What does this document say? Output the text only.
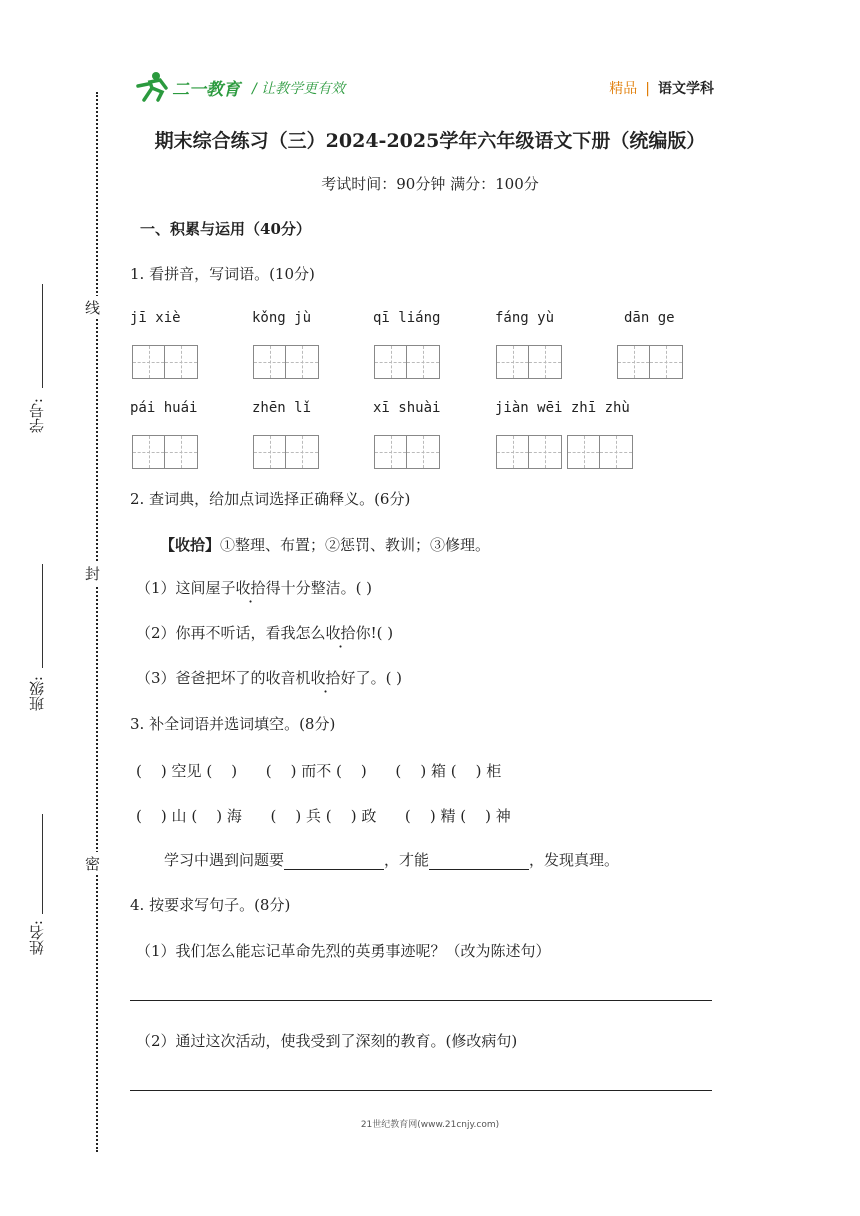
线
封
密
学号:
班级:
姓名:
二一教育 / 让教学更有效	精品 | 语文学科
期末综合练习（三）2024-2025学年六年级语文下册（统编版）
考试时间：90分钟 满分：100分
一、积累与运用（40分）
1. 看拼音，写词语。(10分)
jī xiè	kǒng jù	qī liáng	fáng yù	dān ge
pái huái	zhēn lǐ	xī shuài	jiàn wēi zhī zhù
2. 查词典，给加点词选择正确释义。(6分)
【收拾】①整理、布置；②惩罚、教训；③修理。
（1）这间屋子收拾得十分整洁。( )
（2）你再不听话，看我怎么收拾你!( )
（3）爸爸把坏了的收音机收拾好了。( )
3. 补全词语并选词填空。(8分)
(    ) 空见 (    )      (    ) 而不 (    )      (    ) 箱 (    ) 柜
(    ) 山 (    ) 海      (    ) 兵 (    ) 政      (    ) 精 (    ) 神
学习中遇到问题要	，才能	，发现真理。
4. 按要求写句子。(8分)
（1）我们怎么能忘记革命先烈的英勇事迹呢？（改为陈述句）
（2）通过这次活动，使我受到了深刻的教育。(修改病句)
21世纪教育网(www.21cnjy.com)
